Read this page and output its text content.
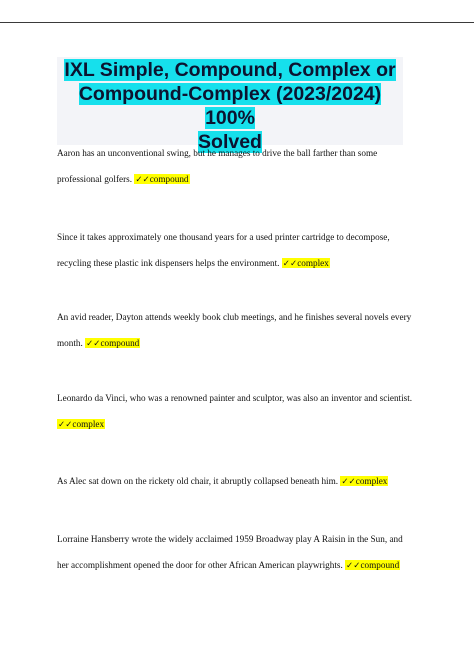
IXL Simple, Compound, Complex or
Compound-Complex (2023/2024) 100%
Solved
Aaron has an unconventional swing, but he manages to drive the ball farther than some
professional golfers. ✓✓compound
Since it takes approximately one thousand years for a used printer cartridge to decompose,
recycling these plastic ink dispensers helps the environment. ✓✓complex
An avid reader, Dayton attends weekly book club meetings, and he finishes several novels every
month. ✓✓compound
Leonardo da Vinci, who was a renowned painter and sculptor, was also an inventor and scientist.
✓✓complex
As Alec sat down on the rickety old chair, it abruptly collapsed beneath him. ✓✓complex
Lorraine Hansberry wrote the widely acclaimed 1959 Broadway play A Raisin in the Sun, and
her accomplishment opened the door for other African American playwrights. ✓✓compound
